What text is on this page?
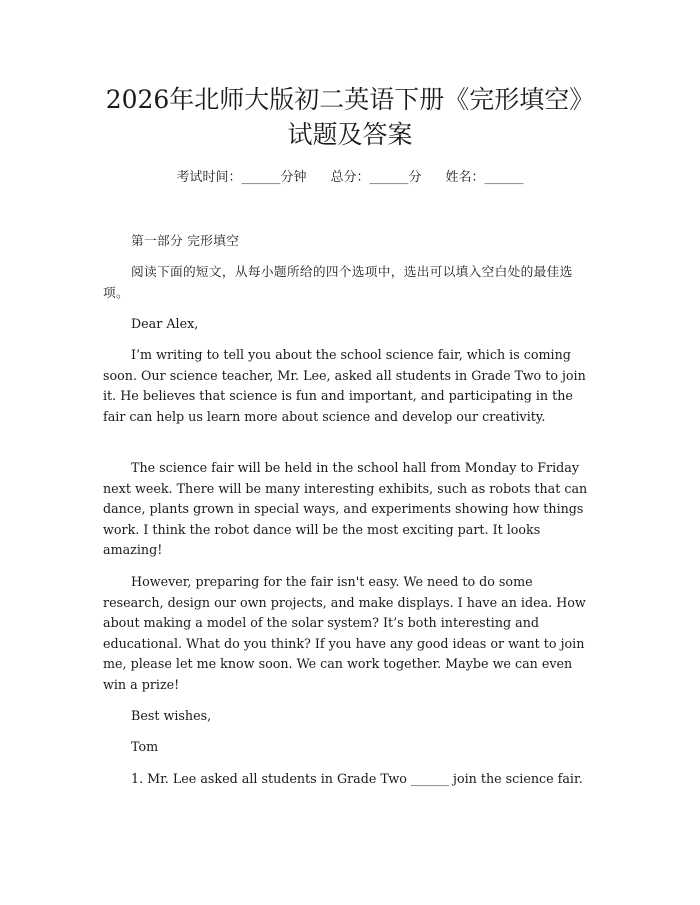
2026年北师大版初二英语下册《完形填空》
试题及答案
考试时间：______分钟 总分：______分 姓名：______

第一部分 完形填空

阅读下面的短文，从每小题所给的四个选项中，选出可以填入空白处的最佳选项。

Dear Alex,

I’m writing to tell you about the school science fair, which is coming soon. Our science teacher, Mr. Lee, asked all students in Grade Two to join it. He believes that science is fun and important, and participating in the fair can help us learn more about science and develop our creativity.

The science fair will be held in the school hall from Monday to Friday next week. There will be many interesting exhibits, such as robots that can dance, plants grown in special ways, and experiments showing how things work. I think the robot dance will be the most exciting part. It looks amazing!

However, preparing for the fair isn't easy. We need to do some research, design our own projects, and make displays. I have an idea. How about making a model of the solar system? It’s both interesting and educational. What do you think? If you have any good ideas or want to join me, please let me know soon. We can work together. Maybe we can even win a prize!

Best wishes,

Tom

1. Mr. Lee asked all students in Grade Two ______ join the science fair.
